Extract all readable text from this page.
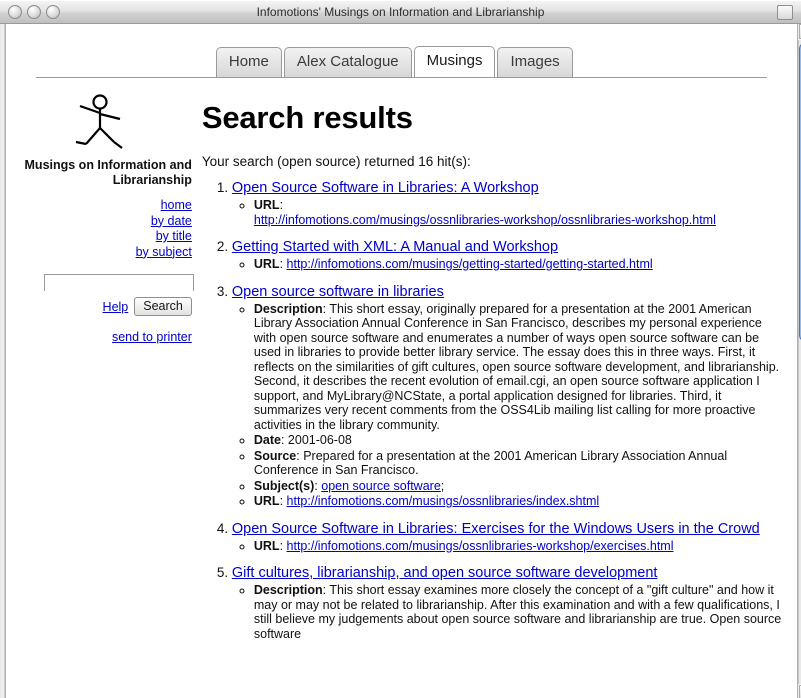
Infomotions' Musings on Information and Librarianship
Home Alex Catalogue Musings Images
Musings on Information and Librarianship
home
by date
by title
by subject
Help	Search
send to printer
Search results
Your search (open source) returned 16 hit(s):
1. Open Source Software in Libraries: A Workshop
◦ URL:
http://infomotions.com/musings/ossnlibraries-workshop/ossnlibraries-workshop.html
2. Getting Started with XML: A Manual and Workshop
◦ URL: http://infomotions.com/musings/getting-started/getting-started.html
3. Open source software in libraries
◦ Description: This short essay, originally prepared for a presentation at the 2001 American Library Association Annual Conference in San Francisco, describes my personal experience with open source software and enumerates a number of ways open source software can be used in libraries to provide better library service. The essay does this in three ways. First, it reflects on the similarities of gift cultures, open source software development, and librarianship. Second, it describes the recent evolution of email.cgi, an open source software application I support, and MyLibrary@NCState, a portal application designed for libraries. Third, it summarizes very recent comments from the OSS4Lib mailing list calling for more proactive activities in the library community.
◦ Date: 2001-06-08
◦ Source: Prepared for a presentation at the 2001 American Library Association Annual Conference in San Francisco.
◦ Subject(s): open source software;
◦ URL: http://infomotions.com/musings/ossnlibraries/index.shtml
4. Open Source Software in Libraries: Exercises for the Windows Users in the Crowd
◦ URL: http://infomotions.com/musings/ossnlibraries-workshop/exercises.html
5. Gift cultures, librarianship, and open source software development
◦ Description: This short essay examines more closely the concept of a "gift culture" and how it may or may not be related to librarianship. After this examination and with a few qualifications, I still believe my judgements about open source software and librarianship are true. Open source software
